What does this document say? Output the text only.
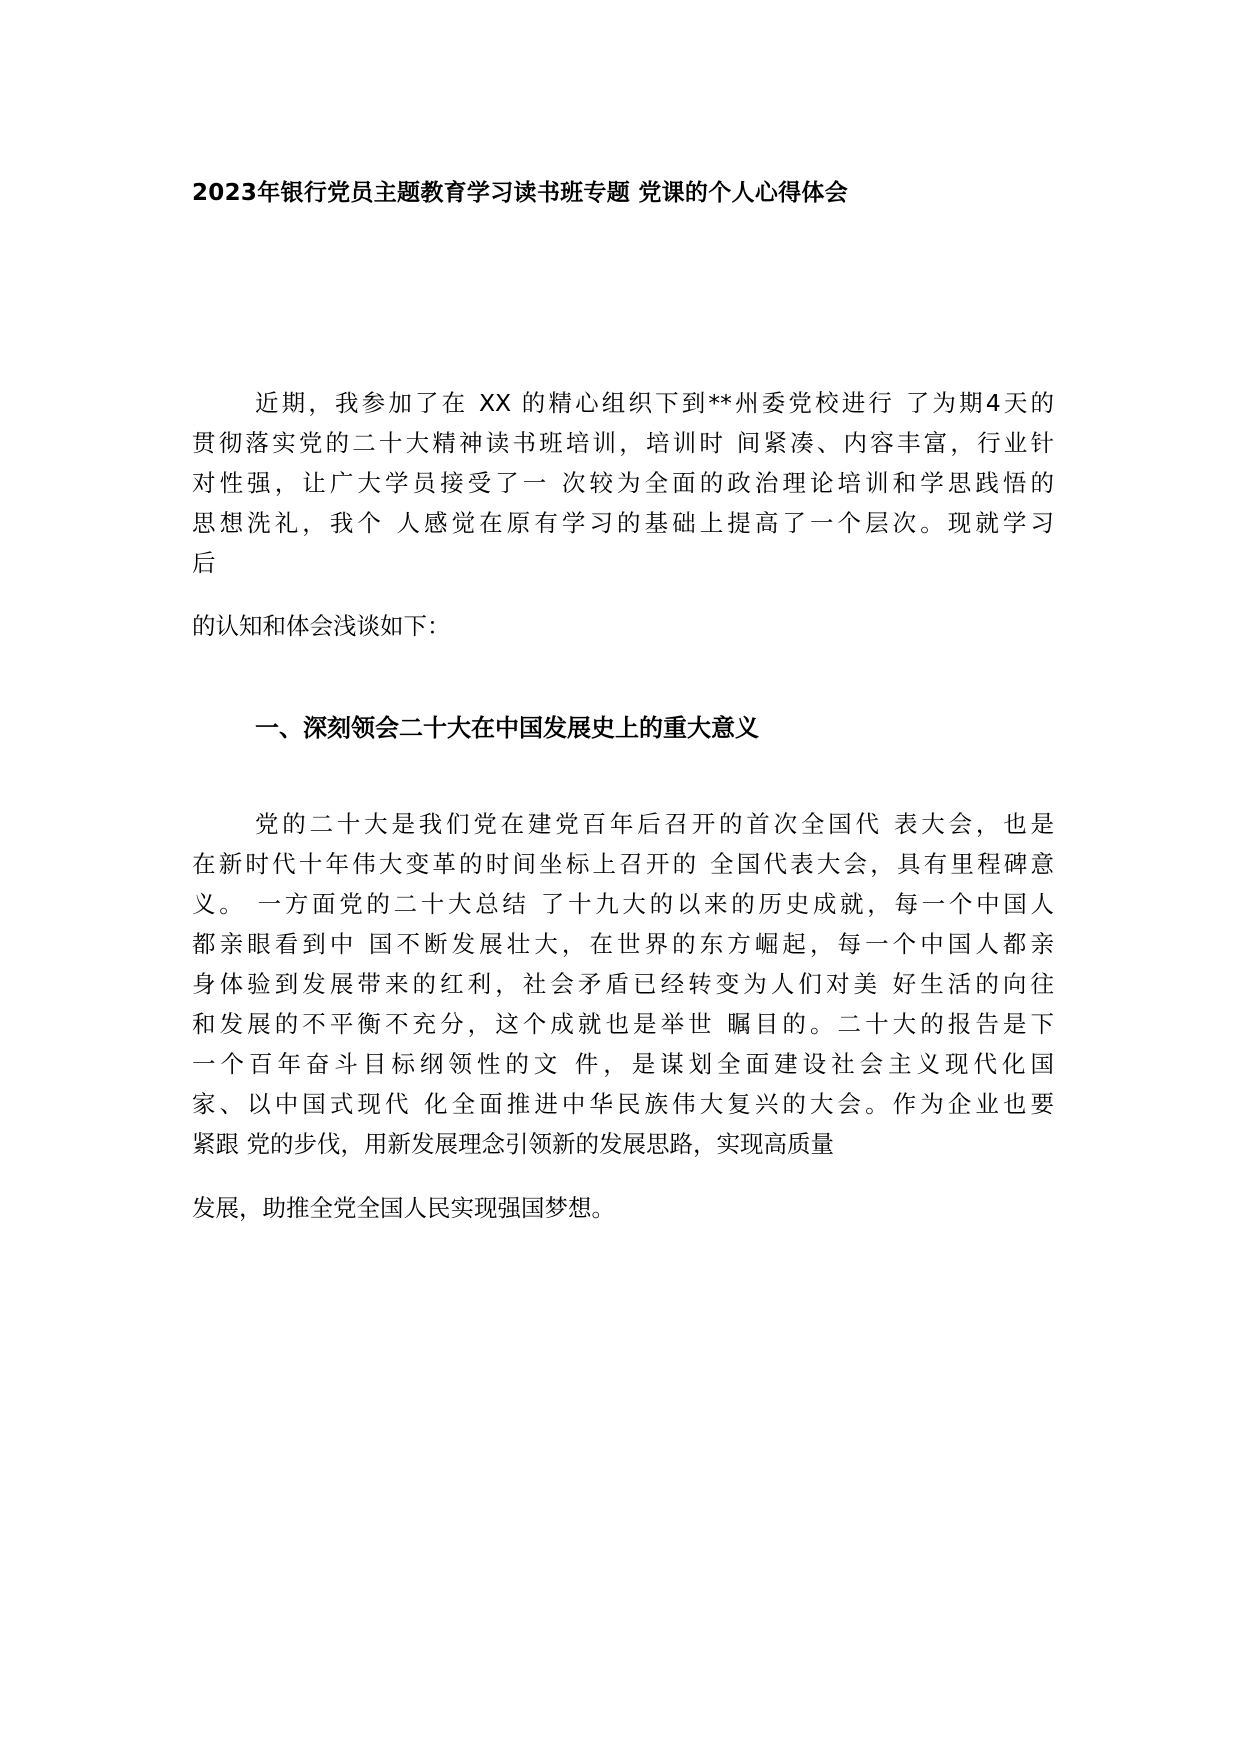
2023年银行党员主题教育学习读书班专题 党课的个人心得体会
近期，我参加了在 XX 的精心组织下到**州委党校进行 了为期4天的
贯彻落实党的二十大精神读书班培训，培训时 间紧凑、内容丰富，行业针
对性强，让广大学员接受了一 次较为全面的政治理论培训和学思践悟的
思想洗礼，我个 人感觉在原有学习的基础上提高了一个层次。现就学习
后
的认知和体会浅谈如下：
一、深刻领会二十大在中国发展史上的重大意义
党的二十大是我们党在建党百年后召开的首次全国代 表大会，也是
在新时代十年伟大变革的时间坐标上召开的 全国代表大会，具有里程碑意
义。 一方面党的二十大总结 了十九大的以来的历史成就，每一个中国人
都亲眼看到中 国不断发展壮大，在世界的东方崛起，每一个中国人都亲
身体验到发展带来的红利，社会矛盾已经转变为人们对美 好生活的向往
和发展的不平衡不充分，这个成就也是举世 瞩目的。二十大的报告是下
一个百年奋斗目标纲领性的文 件，是谋划全面建设社会主义现代化国
家、以中国式现代 化全面推进中华民族伟大复兴的大会。作为企业也要
紧跟 党的步伐，用新发展理念引领新的发展思路，实现高质量
发展，助推全党全国人民实现强国梦想。
